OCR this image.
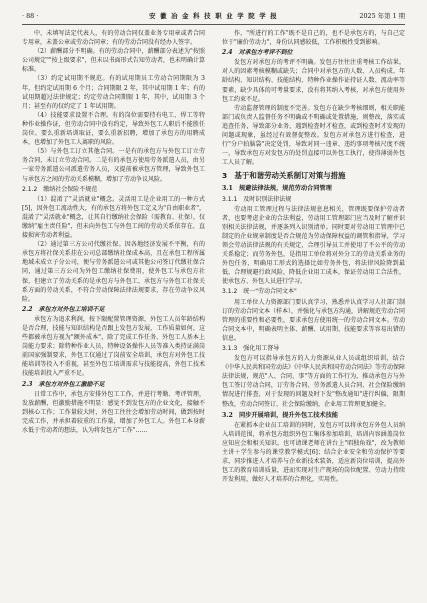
· 88 ·	安 徽 冶 金 科 技 职 业 学 院 学 报	2025 年第 1 期

中，未填写法定代表人，有的劳动合同仅盖业务专用章或者合同专用章，未盖公章或劳动合同章；有的劳动合同没有经办人签字。

（2）薪酬部分不明确。有的劳动合同中，薪酬部分表述为"按照公司规定""按上级要求"，但未以书面形式告知劳动者，也未明确计算标准。

（3）约定试用期不规范。有的试用期员工劳动合同期限为 3 年，但约定试用期 6 个月；合同期限 2 年，其中试用期 1 年；有的试用期超过法律规定；约定劳动合同期限 1 年，其中，试用期 3 个月；甚至有的仅约定了 1 年试用期。

（4）技能要求设置不合理。有的岗位需要持有电工、焊工等特种作业操作证，但劳动合同中没有约定，导致外包工人职后不能胜任岗位。要么重新培训取证，要么重新招聘，增加了承包方的用聘成本，也增加了外包工人离职的风险。

（5）与外包工订立其他合同。一是有的承包方与外包工订立劳务合同，未订立劳动合同。二是有的承包方使用劳务派遣人员，由另一家劳务派遣公司派遣劳务人员，又提前被承包方管理，导致外包工与承包方之间的劳动关系模糊，增加了劳动争议风险。

2.1.2　缴纳社会保险不规范

（1）混淆了"灵活就业"概念。灵活用工是企业用工的一种方式[5]，因外包工流动性大，有的承包方将外包工定义为"自由职业者"，混淆了"灵活就业"概念，让其自行缴纳社会保险（需教育、社保），仅缴纳"雇主责任险"，但未向外包工与外包工间的劳动关系依存在，直接损害劳动者利益。

（2）通过第三方公司代缴社保。因各地经济发展不平衡，有的承包方将社保关系挂在公司总部缴纳社保成本高，且在承包工程所属地域未成立子分公司，便与劳务派遣公司或其他公司签订代缴社保合同，通过第三方公司为外包工缴纳社保费用，使外包工与承包方社保，但建立了劳动关系的是承包方与外包工，承包方与外包工社保关系方面的劳动关系，不符合劳动保障法律法规要求，存在劳动争议风险。

2.2　承包方对外包工培训不足

承包方为追求利润，按下限配置管理资源，外包工人员年龄结构是否合理，技能与知识结构是否跟上发包方发展，工作质量如何，这些都被承包方视为"额外成本"，除了完成工作任务、外包工人基本上岗能力要求；除特种作业人员，特种设备操作人员等准入类持证满岗前国家强制要求，外包工仅通过了岗前安全培训，承包方对外包工技能培训等投入不重视，甚至外包工培训需求与技能提高，外包工技术技能培训投入严重不足。

2.3　承包方对外包工激励不足

日常工作中，承包方安排外包工工作，并进行考勤、考评管理，发放薪酬，但激励措施不明显：感觉不到发包方的企业文化，接触不到核心工作；工作量较大时，外包工往往会增加劳动时间，做到按时完成工作，并承担着较重的工作量，增加了外包工人。外包工本身薪水低于劳动者的想法，认为将发包方"工作"……

作，"所进行的工作"既不是自己的，也不是承包方的，与自己定位于"廉价劳动力"，身份认同感较低，工作积极性受到影响。

2.4　对承包方考评不到位

发包方对承包方的考评不明确。发包方往往注重考核工作结果，对人的因素考核模糊或缺失；合同中对承包方的人数、人员构成、年龄结构、知识结构、技能结构、特种作业操作证持证人数、流动率等要素，缺少具体的可考量要求，没有将其纳入考核，对承包方使用外包工约束不足。

劳动监督管理的制度不完善。发包方在缺少考核细则，相关职能部门或负责人监督任务不明确或不明确或处置措施，则整改，落实或追查任务，导致部分业务，遇到检查时才检查，或到检查时才发现的问题或现象，虽经过有效督促整改。发包方对承包方进行检查，进行"分户拍脑袋"决定处罚，导致对同一违章、违约事项考核尺度不统一，导致承包方对发包方的处罚直接可以外包工执行，使得薄弱外包工人员了解。

3　基于和谐劳动关系制订对策与措施
3.1　规避法律法规，规范劳动合同管理
3.1.1　及时识别法律法规

劳动用工管理过程与法律法规息息相关，管理既要保护劳动者者，也要考虑企业的合法利益，劳动用工管理部门应当及时了解并识别相关法律法规，并逐条列入识别清单。同时要对劳动用工管理中已制定的企业规章制度是否合规范为劳动保障权益的调管和指导，学习领会劳动法律法规的有关规定，合理引导员工并使用了不公平的劳动关系稳定；而劳务外包，是指用工单位将对外分工的劳动关系业务的外包任务，明确用工形式的选择比如劳务外包，将法律风险降到最低，合理规避行政风险，降低企业用工成本，保证劳动用工合法性，使承包方、外包人员进行学习。

3.1.2　统一"劳动合同文本"

用工单位人力资源部门要认真学习，熟悉并认真学习人社部门制订的劳动合同文本（样本），并强化与承包方沟通，讲解规范劳动合同管理的重要性和必要性，要求承包方使用统一的劳动合同文本。劳动合同文本中，明确表明主体、薪酬、试用期、技能要求等容易出错的信息。

3.1.3　强化用工督导

发包方可以指导承包方的人力资源从业人员或组织培训，结合《中华人民共和国劳动法》《中华人民共和国劳动合同法》等劳动保障法律法规，规范"人、合同、事"等方面的工作行为，推动承包方与外包工签订劳动合同，订劳务合同、劳务派遣人员合同、社会保险缴纳情况进行排查，对于发现的问题及时下发"整改通知"进行纠偏，限期整改，劳动合同签订、社会保险缴纳，企业用工管理更加健全。

3.2　同步开展培训，提升外包工技术技能

在紧抓本企业员工培训的同时，发包方可以将承包方外包人员纳入培训范围，将承包方组织外包工集体参加培训，培训内容涵盖岗位应知应会和相关知识。也可请课老师在讲台上"唱独角戏"，改为教师主讲＋学生参与的课堂教学模式[6]；结合企业安全和劳动保护等要求，同步推进人才培养与企业新技术装备，适应新岗位培训，提高外包工的教育培训质量，进而实现对生产现场的岗位配置、劳动力持续开发利用，做好人才培养的合理化，实用性。
